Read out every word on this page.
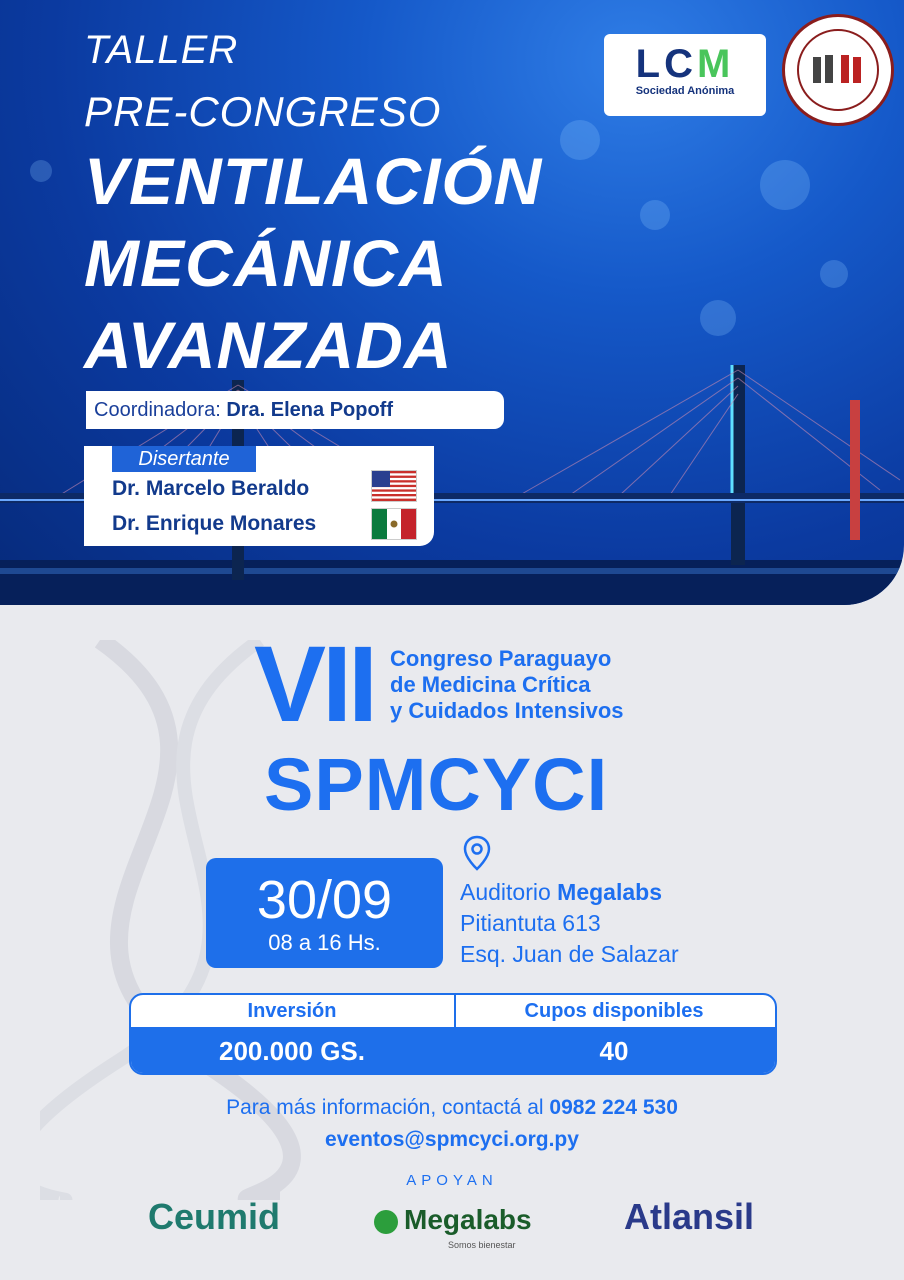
TALLER
PRE-CONGRESO
VENTILACIÓN
MECÁNICA
AVANZADA
LCM
Sociedad Anónima
Coordinadora: Dra. Elena Popoff
Disertante
Dr. Marcelo Beraldo
Dr. Enrique Monares
VII Congreso Paraguayo
de Medicina Crítica
y Cuidados Intensivos
SPMCYCI
30/09
08 a 16 Hs.
Auditorio Megalabs
Pitiantuta 613
Esq. Juan de Salazar
Inversión	Cupos disponibles
200.000 GS.	40
Para más información, contactá al 0982 224 530
eventos@spmcyci.org.py
APOYAN
Ceumid	Megalabs
Somos bienestar
Atlansil
